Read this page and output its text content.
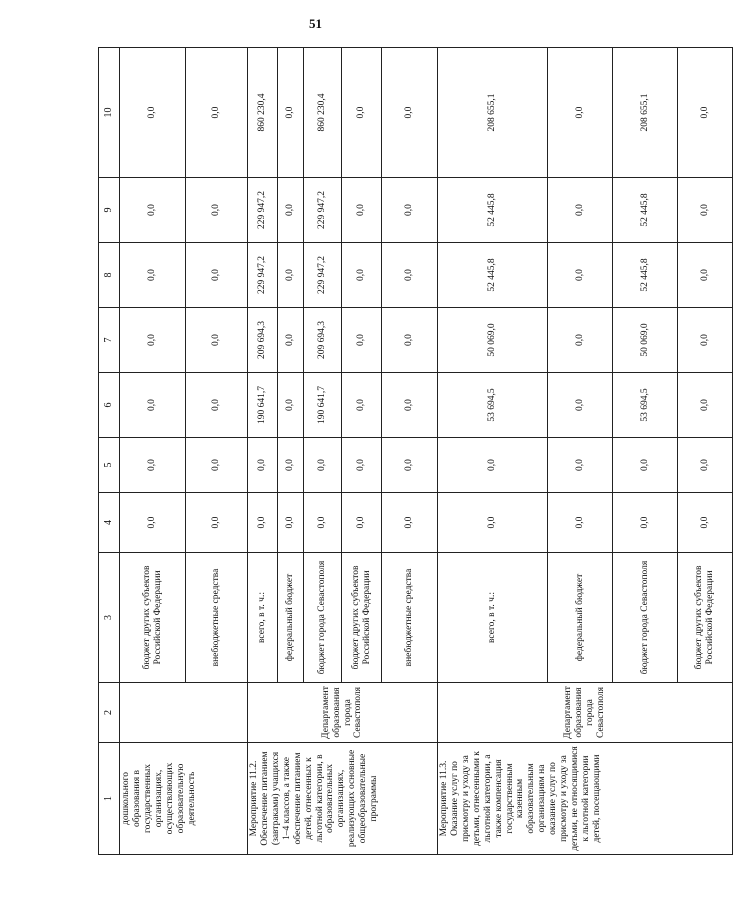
51
1	2	3	4	5	6	7	8	9	10
дошкольного образования в государственных организациях, осуществляющих образовательную деятельность		бюджет других субъектов Российской Федерации	0,0	0,0	0,0	0,0	0,0	0,0	0,0
		внебюджетные средства	0,0	0,0	0,0	0,0	0,0	0,0	0,0
Мероприятие 11.2. Обеспечение питанием (завтраками) учащихся 1–4 классов, а также обеспечение питанием детей, отнесенных к льготной категории, в образовательных организациях, реализующих основные общеобразовательные программы	Департамент образования города Севастополя	всего, в т. ч.:	0,0	0,0	190 641,7	209 694,3	229 947,2	229 947,2	860 230,4
		федеральный бюджет	0,0	0,0	0,0	0,0	0,0	0,0	0,0
		бюджет города Севастополя	0,0	0,0	190 641,7	209 694,3	229 947,2	229 947,2	860 230,4
		бюджет других субъектов Российской Федерации	0,0	0,0	0,0	0,0	0,0	0,0	0,0
		внебюджетные средства	0,0	0,0	0,0	0,0	0,0	0,0	0,0
Мероприятие 11.3. Оказание услуг по присмотру и уходу за детьми, отнесенными к льготной категории, а также компенсация государственным казенным образовательным организациям на оказание услуг по присмотру и уходу за детьми, не относящимися к льготной категории детей, посещающими	Департамент образования города Севастополя	всего, в т. ч.:	0,0	0,0	53 694,5	50 069,0	52 445,8	52 445,8	208 655,1
		федеральный бюджет	0,0	0,0	0,0	0,0	0,0	0,0	0,0
		бюджет города Севастополя	0,0	0,0	53 694,5	50 069,0	52 445,8	52 445,8	208 655,1
		бюджет других субъектов Российской Федерации	0,0	0,0	0,0	0,0	0,0	0,0	0,0
